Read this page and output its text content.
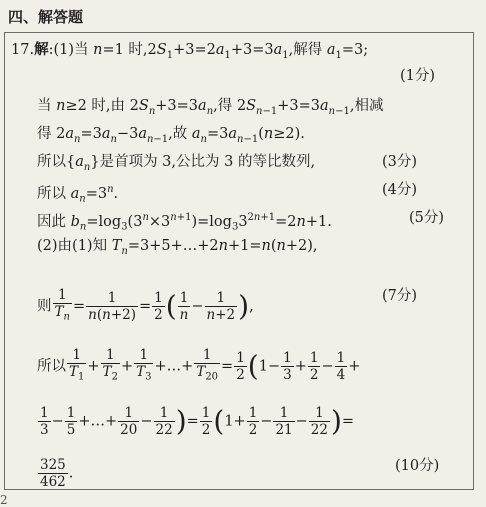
四、解答题
17.解:(1)当 n=1 时$,2S_1+3=2a_1+3=3a_1$,解得 $a_1=3$;
(1分)
当 n≥2 时,由 $2S_n+3=3a_n$,得 $2S_{n-1}+3=3a_{n-1}$,相减
得 $2a_n=3a_n-3a_{n-1}$,故 $a_n=3a_{n-1}(n\ge 2)$.
所以$\{a_n\}$是首项为 3,公比为 3 的等比数列,	(3分)
所以 $a_n=3^n$.	(4分)
因此 $b_n=\log_3(3^n\times 3^{n+1})=\log_33^{2n+1}=2n+1$.	(5分)
(2)由(1)知 $T_n=3+5+\dots+2n+1=n(n+2)$,
则 $\frac{1}{T_n} = \frac{1}{n(n+2)} = \frac{1}{2}$ ( $\frac{1}{n} - \frac{1}{n+2}$ ),
(7分)
所以 $\frac{1}{T_1} + \frac{1}{T_2} + \frac{1}{T_3}$ +…+ $\frac{1}{T_{20}} = \frac{1}{2} (1- \frac{1}{3} + \frac{1}{2} - \frac{1}{4}$ +
$\frac{1}{3} - \frac{1}{5}$ +…+ $\frac{1}{20} - \frac{1}{22}$ )= $\frac{1}{2} (1+ \frac{1}{2} - \frac{1}{21} - \frac{1}{22}$ )=
$\frac{325}{462}$ .	(10分)
2
